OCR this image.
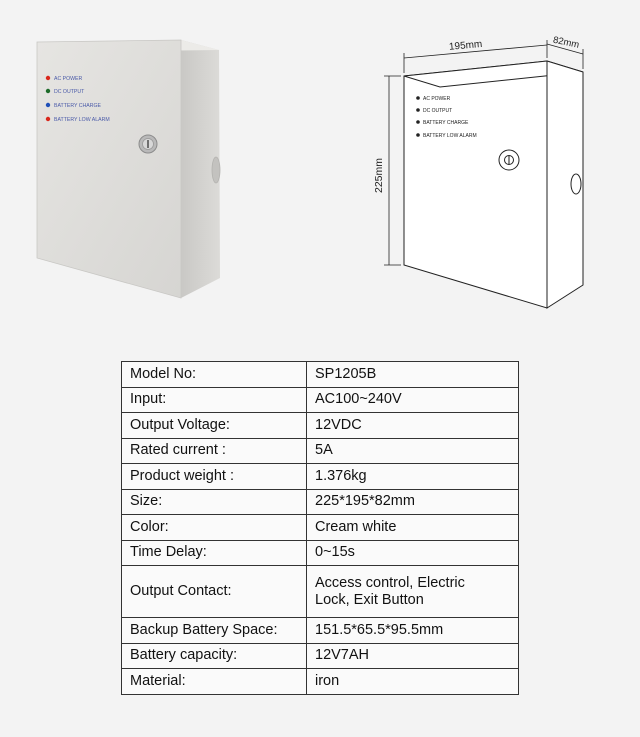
AC POWER
DC OUTPUT
BATTERY CHARGE
BATTERY LOW ALARM
195mm	82mm
225mm
AC POWER
DC OUTPUT
BATTERY CHARGE
BATTERY LOW ALARM
Model No:	SP1205B
Input:	AC100~240V
Output Voltage:	12VDC
Rated current :	5A
Product weight :	1.376kg
Size:	225*195*82mm
Color:	Cream white
Time Delay:	0~15s
Output Contact:	Access control, Electric
Lock, Exit Button

Backup Battery Space:	151.5*65.5*95.5mm
Battery capacity:	12V7AH
Material:	iron
